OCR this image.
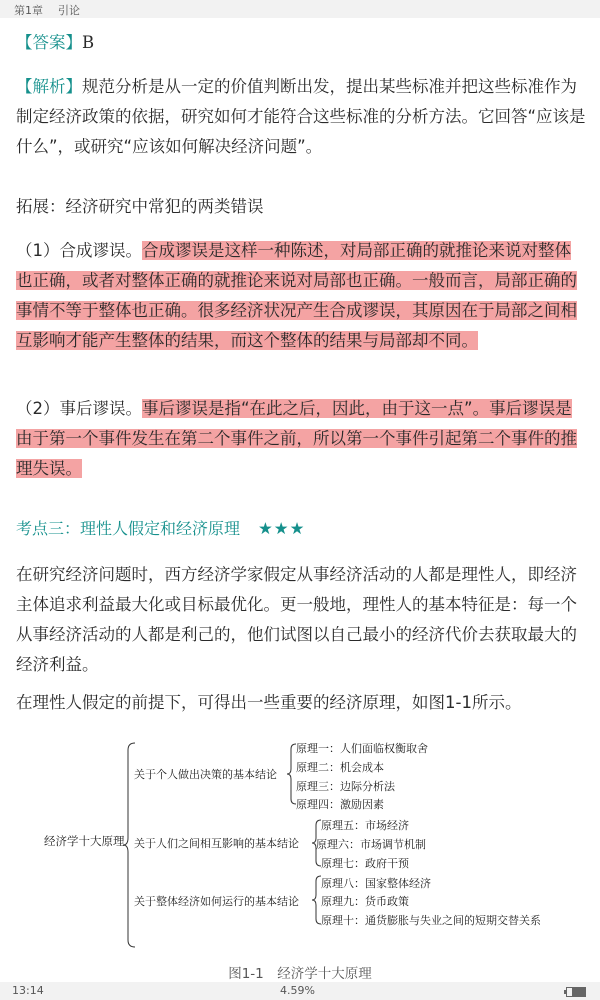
第1章 引论
【答案】B
【解析】规范分析是从一定的价值判断出发，提出某些标准并把这些标准作为制定经济政策的依据，研究如何才能符合这些标准的分析方法。它回答“应该是什么”，或研究“应该如何解决经济问题”。
拓展：经济研究中常犯的两类错误
（1）合成谬误。合成谬误是这样一种陈述，对局部正确的就推论来说对整体也正确，或者对整体正确的就推论来说对局部也正确。一般而言，局部正确的事情不等于整体也正确。很多经济状况产生合成谬误，其原因在于局部之间相互影响才能产生整体的结果，而这个整体的结果与局部却不同。
（2）事后谬误。事后谬误是指“在此之后，因此，由于这一点”。事后谬误是由于第一个事件发生在第二个事件之前，所以第一个事件引起第二个事件的推理失误。
考点三：理性人假定和经济原理 ★★★
在研究经济问题时，西方经济学家假定从事经济活动的人都是理性人，即经济主体追求利益最大化或目标最优化。更一般地，理性人的基本特征是：每一个从事经济活动的人都是利己的，他们试图以自己最小的经济代价去获取最大的经济利益。
在理性人假定的前提下，可得出一些重要的经济原理，如图1-1所示。
经济学十大原理
关于个人做出决策的基本结论
原理一：人们面临权衡取舍
原理二：机会成本
原理三：边际分析法
原理四：激励因素
关于人们之间相互影响的基本结论
原理五：市场经济
原理六：市场调节机制
原理七：政府干预
关于整体经济如何运行的基本结论
原理八：国家整体经济
原理九：货币政策
原理十：通货膨胀与失业之间的短期交替关系
图1-1　经济学十大原理
13:14	4.59%
